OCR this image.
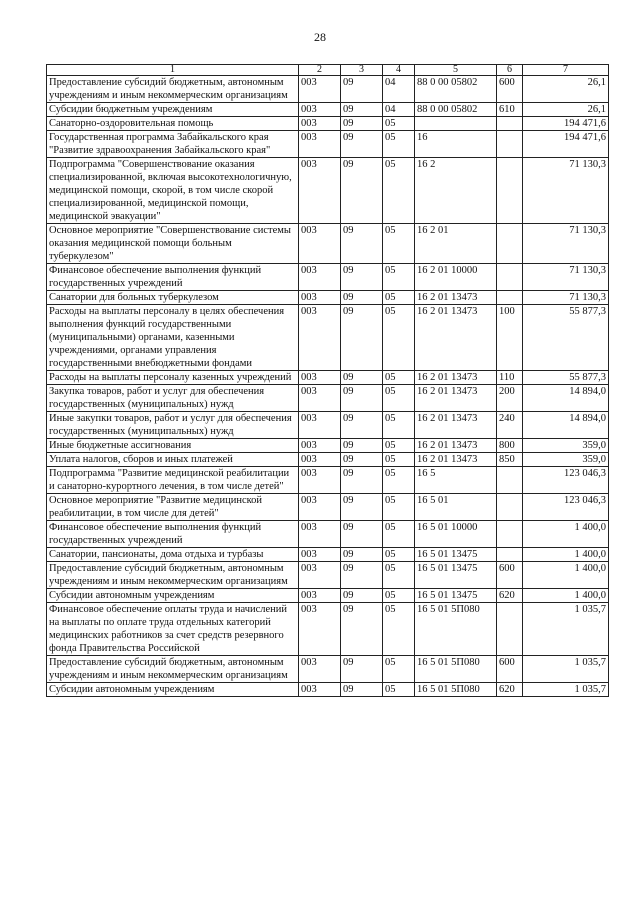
28
1	2	3	4	5	6	7
Предоставление субсидий бюджетным, автономным учреждениям и иным некоммерческим организациям	003	09	04	88 0 00 05802	600	26,1
Субсидии бюджетным учреждениям	003	09	04	88 0 00 05802	610	26,1
Санаторно-оздоровительная помощь	003	09	05			194 471,6
Государственная программа Забайкальского края "Развитие здравоохранения Забайкальского края"	003	09	05	16		194 471,6
Подпрограмма "Совершенствование оказания специализированной, включая высокотехнологичную, медицинской помощи, скорой, в том числе скорой специализированной, медицинской помощи, медицинской эвакуации"	003	09	05	16 2		71 130,3
Основное мероприятие "Совершенствование системы оказания медицинской помощи больным туберкулезом"	003	09	05	16 2 01		71 130,3
Финансовое обеспечение выполнения функций государственных учреждений	003	09	05	16 2 01 10000		71 130,3
Санатории для больных туберкулезом	003	09	05	16 2 01 13473		71 130,3
Расходы на выплаты персоналу в целях обеспечения выполнения функций государственными (муниципальными) органами, казенными учреждениями, органами управления государственными внебюджетными фондами	003	09	05	16 2 01 13473	100	55 877,3
Расходы на выплаты персоналу казенных учреждений	003	09	05	16 2 01 13473	110	55 877,3
Закупка товаров, работ и услуг для обеспечения государственных (муниципальных) нужд	003	09	05	16 2 01 13473	200	14 894,0
Иные закупки товаров, работ и услуг для обеспечения государственных (муниципальных) нужд	003	09	05	16 2 01 13473	240	14 894,0
Иные бюджетные ассигнования	003	09	05	16 2 01 13473	800	359,0
Уплата налогов, сборов и иных платежей	003	09	05	16 2 01 13473	850	359,0
Подпрограмма "Развитие медицинской реабилитации и санаторно-курортного лечения, в том числе детей"	003	09	05	16 5		123 046,3
Основное мероприятие "Развитие медицинской реабилитации, в том числе для детей"	003	09	05	16 5 01		123 046,3
Финансовое обеспечение выполнения функций государственных учреждений	003	09	05	16 5 01 10000		1 400,0
Санатории, пансионаты, дома отдыха и турбазы	003	09	05	16 5 01 13475		1 400,0
Предоставление субсидий бюджетным, автономным учреждениям и иным некоммерческим организациям	003	09	05	16 5 01 13475	600	1 400,0
Субсидии автономным учреждениям	003	09	05	16 5 01 13475	620	1 400,0
Финансовое обеспечение оплаты труда и начислений на выплаты по оплате труда отдельных категорий медицинских работников за счет средств резервного фонда Правительства Российской	003	09	05	16 5 01 5П080		1 035,7
Предоставление субсидий бюджетным, автономным учреждениям и иным некоммерческим организациям	003	09	05	16 5 01 5П080	600	1 035,7
Субсидии автономным учреждениям	003	09	05	16 5 01 5П080	620	1 035,7
